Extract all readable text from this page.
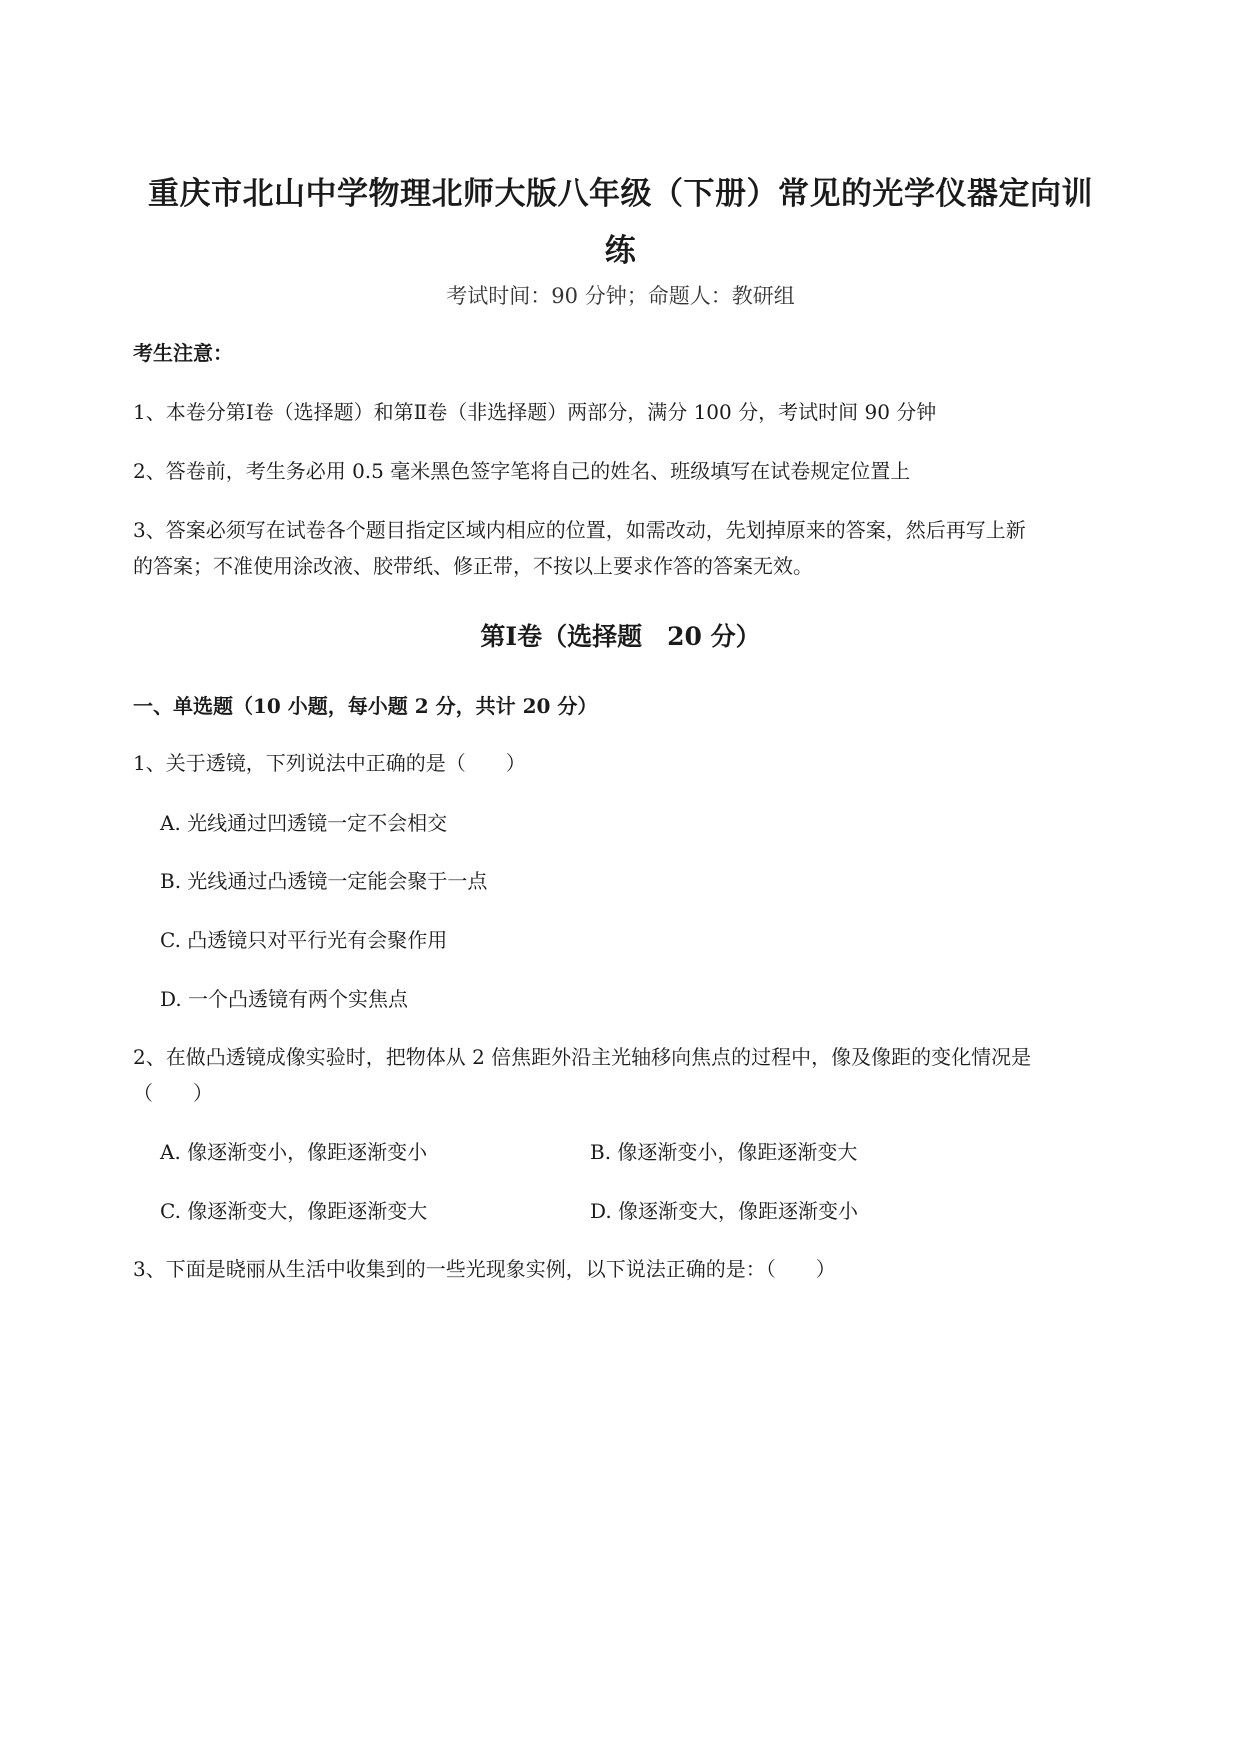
重庆市北山中学物理北师大版八年级（下册）常见的光学仪器定向训
练
考试时间：90 分钟；命题人：教研组
考生注意：
1、本卷分第Ⅰ卷（选择题）和第Ⅱ卷（非选择题）两部分，满分 100 分，考试时间 90 分钟
2、答卷前，考生务必用 0.5 毫米黑色签字笔将自己的姓名、班级填写在试卷规定位置上
3、答案必须写在试卷各个题目指定区域内相应的位置，如需改动，先划掉原来的答案，然后再写上新
的答案；不准使用涂改液、胶带纸、修正带，不按以上要求作答的答案无效。
第Ⅰ卷（选择题　20 分）
一、单选题（10 小题，每小题 2 分，共计 20 分）
1、关于透镜，下列说法中正确的是（　　）
A. 光线通过凹透镜一定不会相交
B. 光线通过凸透镜一定能会聚于一点
C. 凸透镜只对平行光有会聚作用
D. 一个凸透镜有两个实焦点
2、在做凸透镜成像实验时，把物体从 2 倍焦距外沿主光轴移向焦点的过程中，像及像距的变化情况是
（　　）
A. 像逐渐变小，像距逐渐变小	B. 像逐渐变小，像距逐渐变大
C. 像逐渐变大，像距逐渐变大	D. 像逐渐变大，像距逐渐变小
3、下面是晓丽从生活中收集到的一些光现象实例，以下说法正确的是：（　　）
